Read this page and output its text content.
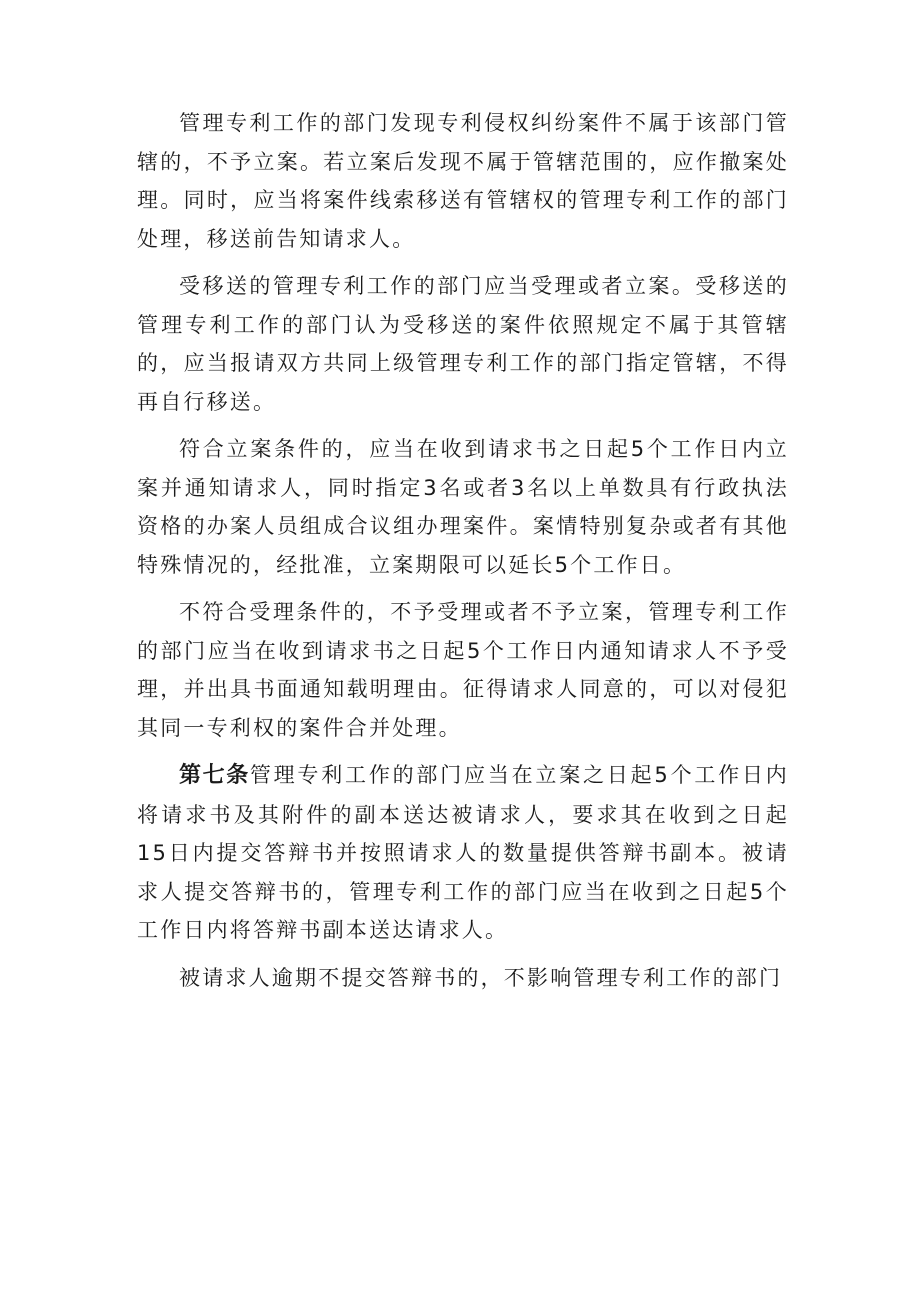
管理专利工作的部门发现专利侵权纠纷案件不属于该部门管辖的，不予立案。若立案后发现不属于管辖范围的，应作撤案处理。同时，应当将案件线索移送有管辖权的管理专利工作的部门处理，移送前告知请求人。

受移送的管理专利工作的部门应当受理或者立案。受移送的管理专利工作的部门认为受移送的案件依照规定不属于其管辖的，应当报请双方共同上级管理专利工作的部门指定管辖，不得再自行移送。

符合立案条件的，应当在收到请求书之日起5个工作日内立案并通知请求人，同时指定3名或者3名以上单数具有行政执法资格的办案人员组成合议组办理案件。案情特别复杂或者有其他特殊情况的，经批准，立案期限可以延长5个工作日。

不符合受理条件的，不予受理或者不予立案，管理专利工作的部门应当在收到请求书之日起5个工作日内通知请求人不予受理，并出具书面通知载明理由。征得请求人同意的，可以对侵犯其同一专利权的案件合并处理。

第七条管理专利工作的部门应当在立案之日起5个工作日内将请求书及其附件的副本送达被请求人，要求其在收到之日起15日内提交答辩书并按照请求人的数量提供答辩书副本。被请求人提交答辩书的，管理专利工作的部门应当在收到之日起5个工作日内将答辩书副本送达请求人。

被请求人逾期不提交答辩书的，不影响管理专利工作的部门
